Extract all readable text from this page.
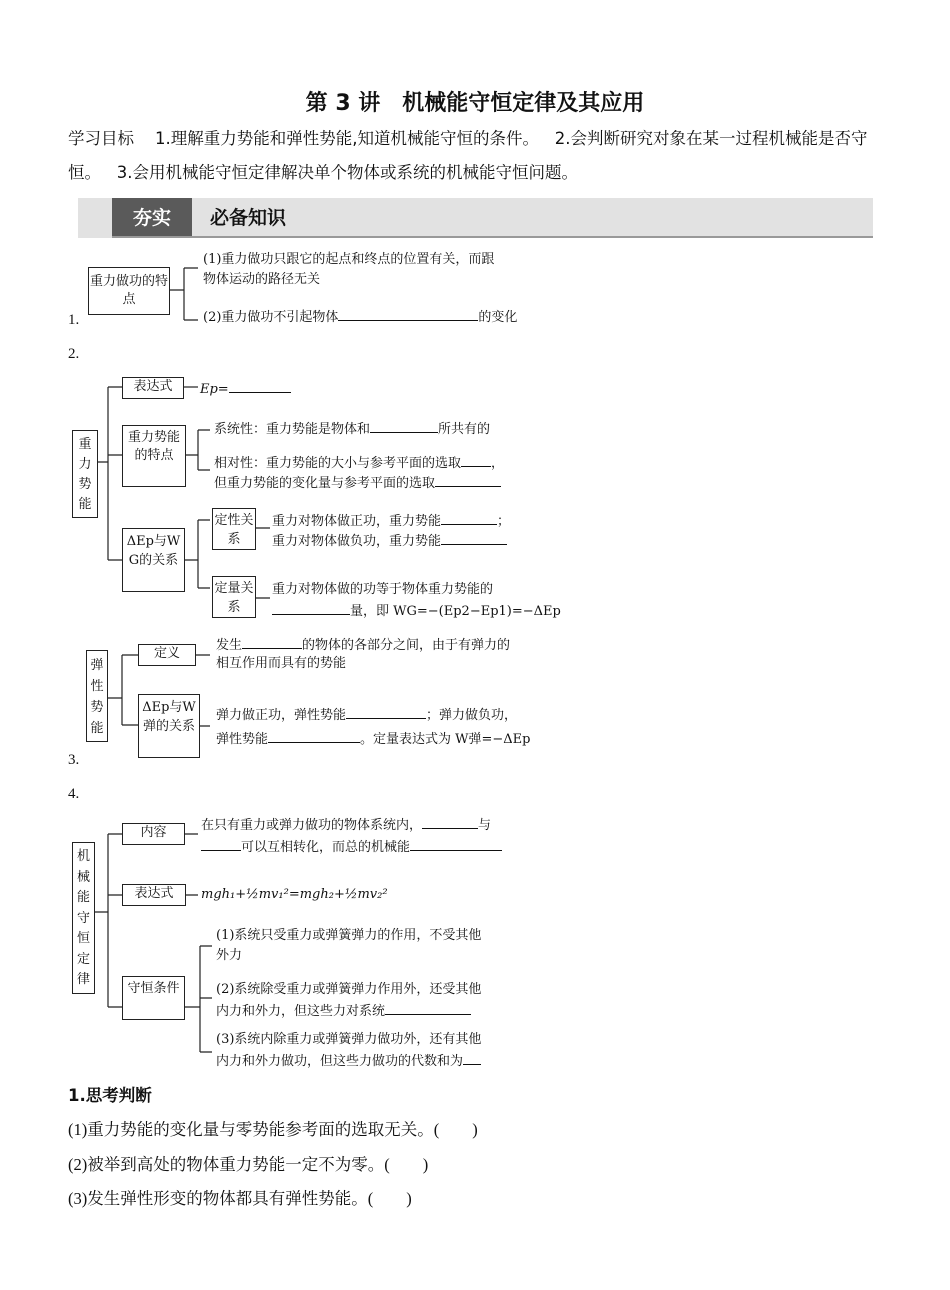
第 3 讲　机械能守恒定律及其应用
学习目标 1.理解重力势能和弹性势能,知道机械能守恒的条件。 2.会判断研究对象在某一过程机械能是否守恒。 3.会用机械能守恒定律解决单个物体或系统的机械能守恒问题。
夯实	必备知识
1.
重力做功的特点
(1)重力做功只跟它的起点和终点的位置有关，而跟
物体运动的路径无关
(2)重力做功不引起物体	的变化
2.
重力势能
表达式	Ep=
重力势能的特点
系统性：重力势能是物体和	所共有的
相对性：重力势能的大小与参考平面的选取 ，
但重力势能的变化量与参考平面的选取
ΔEp与WG的关系
定性关系
重力对物体做正功，重力势能	；
重力对物体做负功，重力势能
定量关系
重力对物体做的功等于物体重力势能的
量，即 WG=−(Ep2−Ep1)=−ΔEp
弹性势能
定义
发生	的物体的各部分之间，由于有弹力的
相互作用而具有的势能
ΔEp与W弹的关系
弹力做正功，弹性势能	；弹力做负功，
弹性势能	。定量表达式为 W弹=−ΔEp
3.
4.
机械能守恒定律
内容	在只有重力或弹力做功的物体系统内，	与
可以互相转化，而总的机械能
表达式	mgh₁+½mv₁²=mgh₂+½mv₂²
守恒条件
(1)系统只受重力或弹簧弹力的作用，不受其他
外力
(2)系统除受重力或弹簧弹力作用外，还受其他
内力和外力，但这些力对系统
(3)系统内除重力或弹簧弹力做功外，还有其他
内力和外力做功，但这些力做功的代数和为
1.思考判断
(1)重力势能的变化量与零势能参考面的选取无关。(　　)
(2)被举到高处的物体重力势能一定不为零。(　　)
(3)发生弹性形变的物体都具有弹性势能。(　　)
